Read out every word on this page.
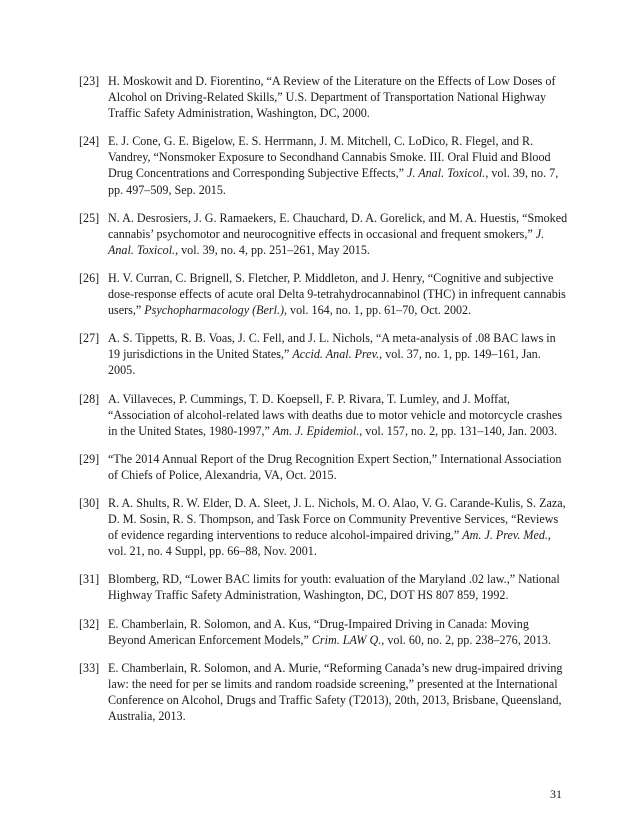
[23] H. Moskowit and D. Fiorentino, “A Review of the Literature on the Effects of Low Doses of Alcohol on Driving-Related Skills,” U.S. Department of Transportation National Highway Traffic Safety Administration, Washington, DC, 2000.
[24] E. J. Cone, G. E. Bigelow, E. S. Herrmann, J. M. Mitchell, C. LoDico, R. Flegel, and R. Vandrey, “Nonsmoker Exposure to Secondhand Cannabis Smoke. III. Oral Fluid and Blood Drug Concentrations and Corresponding Subjective Effects,” J. Anal. Toxicol., vol. 39, no. 7, pp. 497–509, Sep. 2015.
[25] N. A. Desrosiers, J. G. Ramaekers, E. Chauchard, D. A. Gorelick, and M. A. Huestis, “Smoked cannabis’ psychomotor and neurocognitive effects in occasional and frequent smokers,” J. Anal. Toxicol., vol. 39, no. 4, pp. 251–261, May 2015.
[26] H. V. Curran, C. Brignell, S. Fletcher, P. Middleton, and J. Henry, “Cognitive and subjective dose-response effects of acute oral Delta 9-tetrahydrocannabinol (THC) in infrequent cannabis users,” Psychopharmacology (Berl.), vol. 164, no. 1, pp. 61–70, Oct. 2002.
[27] A. S. Tippetts, R. B. Voas, J. C. Fell, and J. L. Nichols, “A meta-analysis of .08 BAC laws in 19 jurisdictions in the United States,” Accid. Anal. Prev., vol. 37, no. 1, pp. 149–161, Jan. 2005.
[28] A. Villaveces, P. Cummings, T. D. Koepsell, F. P. Rivara, T. Lumley, and J. Moffat, “Association of alcohol-related laws with deaths due to motor vehicle and motorcycle crashes in the United States, 1980-1997,” Am. J. Epidemiol., vol. 157, no. 2, pp. 131–140, Jan. 2003.
[29] “The 2014 Annual Report of the Drug Recognition Expert Section,” International Association of Chiefs of Police, Alexandria, VA, Oct. 2015.
[30] R. A. Shults, R. W. Elder, D. A. Sleet, J. L. Nichols, M. O. Alao, V. G. Carande-Kulis, S. Zaza, D. M. Sosin, R. S. Thompson, and Task Force on Community Preventive Services, “Reviews of evidence regarding interventions to reduce alcohol-impaired driving,” Am. J. Prev. Med., vol. 21, no. 4 Suppl, pp. 66–88, Nov. 2001.
[31] Blomberg, RD, “Lower BAC limits for youth: evaluation of the Maryland .02 law.,” National Highway Traffic Safety Administration, Washington, DC, DOT HS 807 859, 1992.
[32] E. Chamberlain, R. Solomon, and A. Kus, “Drug-Impaired Driving in Canada: Moving Beyond American Enforcement Models,” Crim. LAW Q., vol. 60, no. 2, pp. 238–276, 2013.
[33] E. Chamberlain, R. Solomon, and A. Murie, “Reforming Canada’s new drug-impaired driving law: the need for per se limits and random roadside screening,” presented at the International Conference on Alcohol, Drugs and Traffic Safety (T2013), 20th, 2013, Brisbane, Queensland, Australia, 2013.
31
